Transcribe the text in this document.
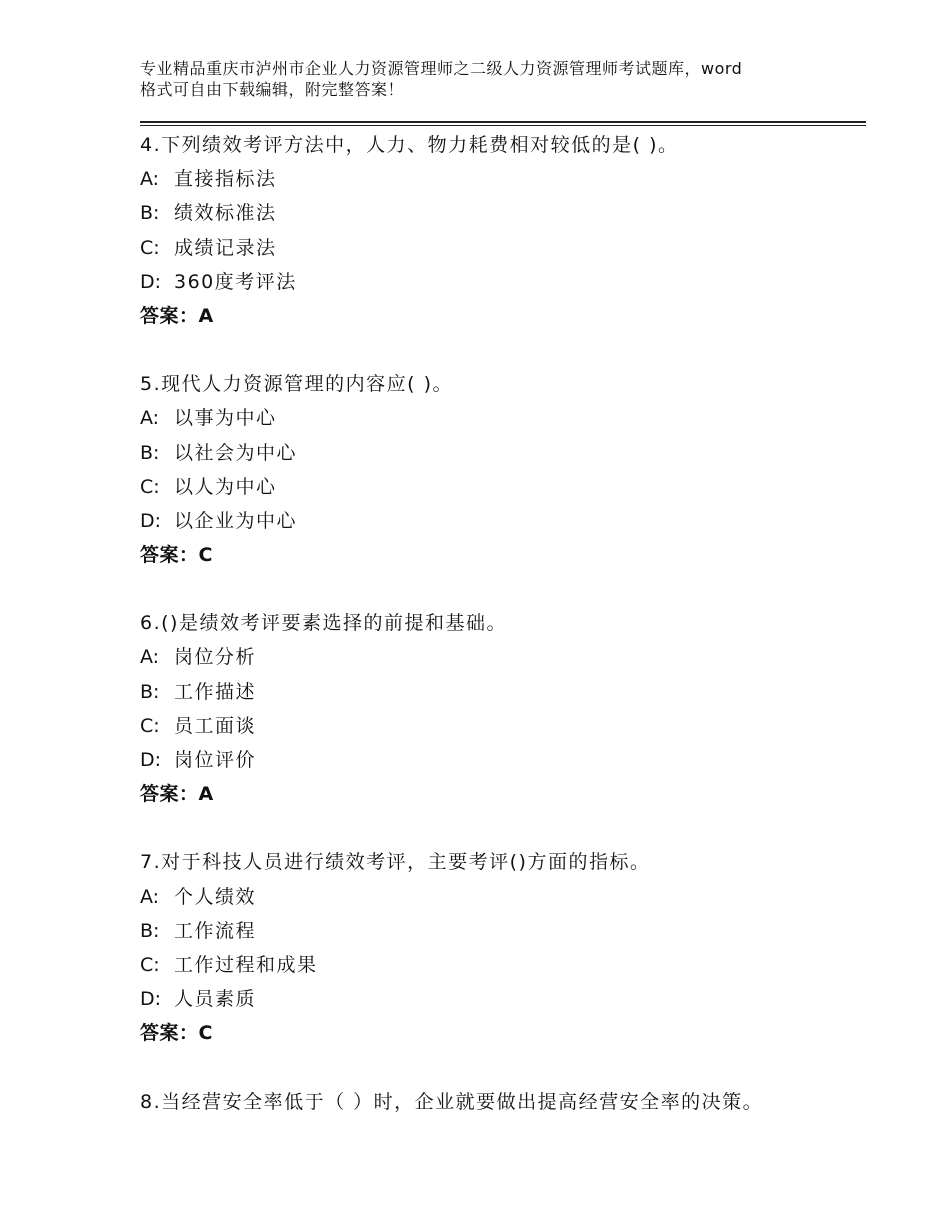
专业精品重庆市泸州市企业人力资源管理师之二级人力资源管理师考试题库，word
格式可自由下载编辑，附完整答案！
4.下列绩效考评方法中，人力、物力耗费相对较低的是( )。
A: 直接指标法
B: 绩效标准法
C: 成绩记录法
D: 360度考评法
答案：A
5.现代人力资源管理的内容应( )。
A: 以事为中心
B: 以社会为中心
C: 以人为中心
D: 以企业为中心
答案：C
6.()是绩效考评要素选择的前提和基础。
A: 岗位分析
B: 工作描述
C: 员工面谈
D: 岗位评价
答案：A
7.对于科技人员进行绩效考评，主要考评()方面的指标。
A: 个人绩效
B: 工作流程
C: 工作过程和成果
D: 人员素质
答案：C
8.当经营安全率低于（ ）时，企业就要做出提高经营安全率的决策。
